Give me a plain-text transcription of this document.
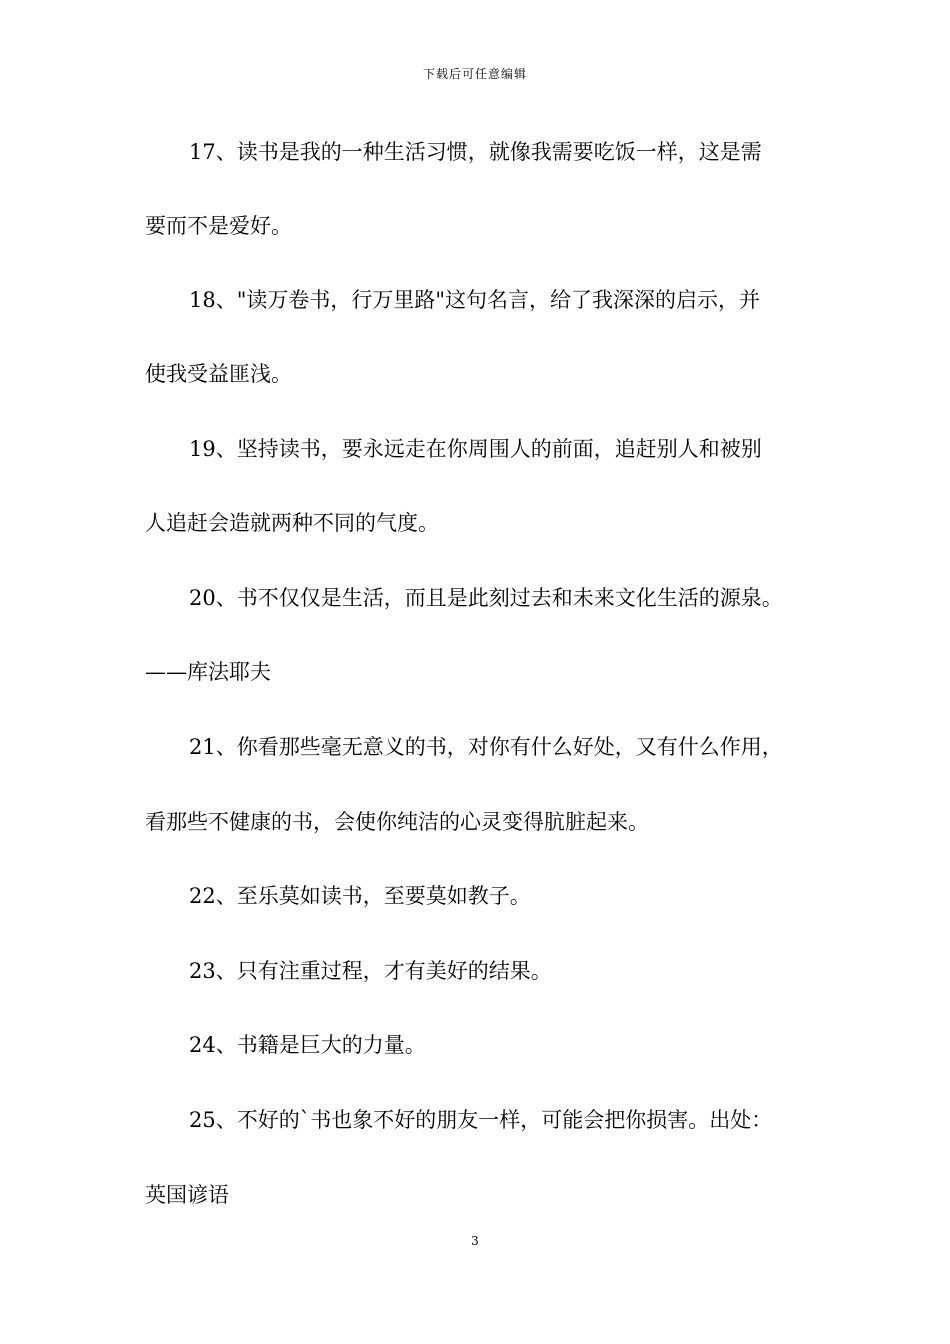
下载后可任意编辑
17、读书是我的一种生活习惯，就像我需要吃饭一样，这是需
要而不是爱好。
18、"读万卷书，行万里路"这句名言，给了我深深的启示，并
使我受益匪浅。
19、坚持读书，要永远走在你周围人的前面，追赶别人和被别
人追赶会造就两种不同的气度。
20、书不仅仅是生活，而且是此刻过去和未来文化生活的源泉。
——库法耶夫
21、你看那些毫无意义的书，对你有什么好处，又有什么作用，
看那些不健康的书，会使你纯洁的心灵变得肮脏起来。
22、至乐莫如读书，至要莫如教子。
23、只有注重过程，才有美好的结果。
24、书籍是巨大的力量。
25、不好的`书也象不好的朋友一样，可能会把你损害。出处：
英国谚语
3
